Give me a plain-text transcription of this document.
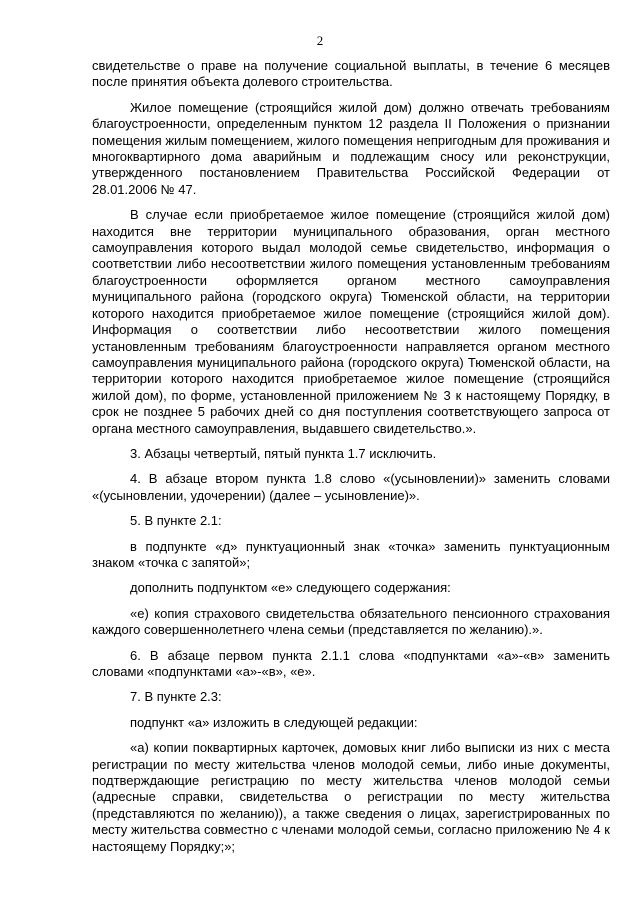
2

свидетельстве о праве на получение социальной выплаты, в течение 6 месяцев после принятия объекта долевого строительства.

Жилое помещение (строящийся жилой дом) должно отвечать требованиям благоустроенности, определенным пунктом 12 раздела II Положения о признании помещения жилым помещением, жилого помещения непригодным для проживания и многоквартирного дома аварийным и подлежащим сносу или реконструкции, утвержденного постановлением Правительства Российской Федерации от 28.01.2006 № 47.

В случае если приобретаемое жилое помещение (строящийся жилой дом) находится вне территории муниципального образования, орган местного самоуправления которого выдал молодой семье свидетельство, информация о соответствии либо несоответствии жилого помещения установленным требованиям благоустроенности оформляется органом местного самоуправления муниципального района (городского округа) Тюменской области, на территории которого находится приобретаемое жилое помещение (строящийся жилой дом). Информация о соответствии либо несоответствии жилого помещения установленным требованиям благоустроенности направляется органом местного самоуправления муниципального района (городского округа) Тюменской области, на территории которого находится приобретаемое жилое помещение (строящийся жилой дом), по форме, установленной приложением № 3 к настоящему Порядку, в срок не позднее 5 рабочих дней со дня поступления соответствующего запроса от органа местного самоуправления, выдавшего свидетельство.».

3. Абзацы четвертый, пятый пункта 1.7 исключить.

4. В абзаце втором пункта 1.8 слово «(усыновлении)» заменить словами «(усыновлении, удочерении) (далее – усыновление)».

5. В пункте 2.1:

в подпункте «д» пунктуационный знак «точка» заменить пунктуационным знаком «точка с запятой»;

дополнить подпунктом «е» следующего содержания:

«е) копия страхового свидетельства обязательного пенсионного страхования каждого совершеннолетнего члена семьи (представляется по желанию).».

6. В абзаце первом пункта 2.1.1 слова «подпунктами «а»-«в» заменить словами «подпунктами «а»-«в», «е».

7. В пункте 2.3:

подпункт «а» изложить в следующей редакции:

«а) копии поквартирных карточек, домовых книг либо выписки из них с места регистрации по месту жительства членов молодой семьи, либо иные документы, подтверждающие регистрацию по месту жительства членов молодой семьи (адресные справки, свидетельства о регистрации по месту жительства (представляются по желанию)), а также сведения о лицах, зарегистрированных по месту жительства совместно с членами молодой семьи, согласно приложению № 4 к настоящему Порядку;»;
